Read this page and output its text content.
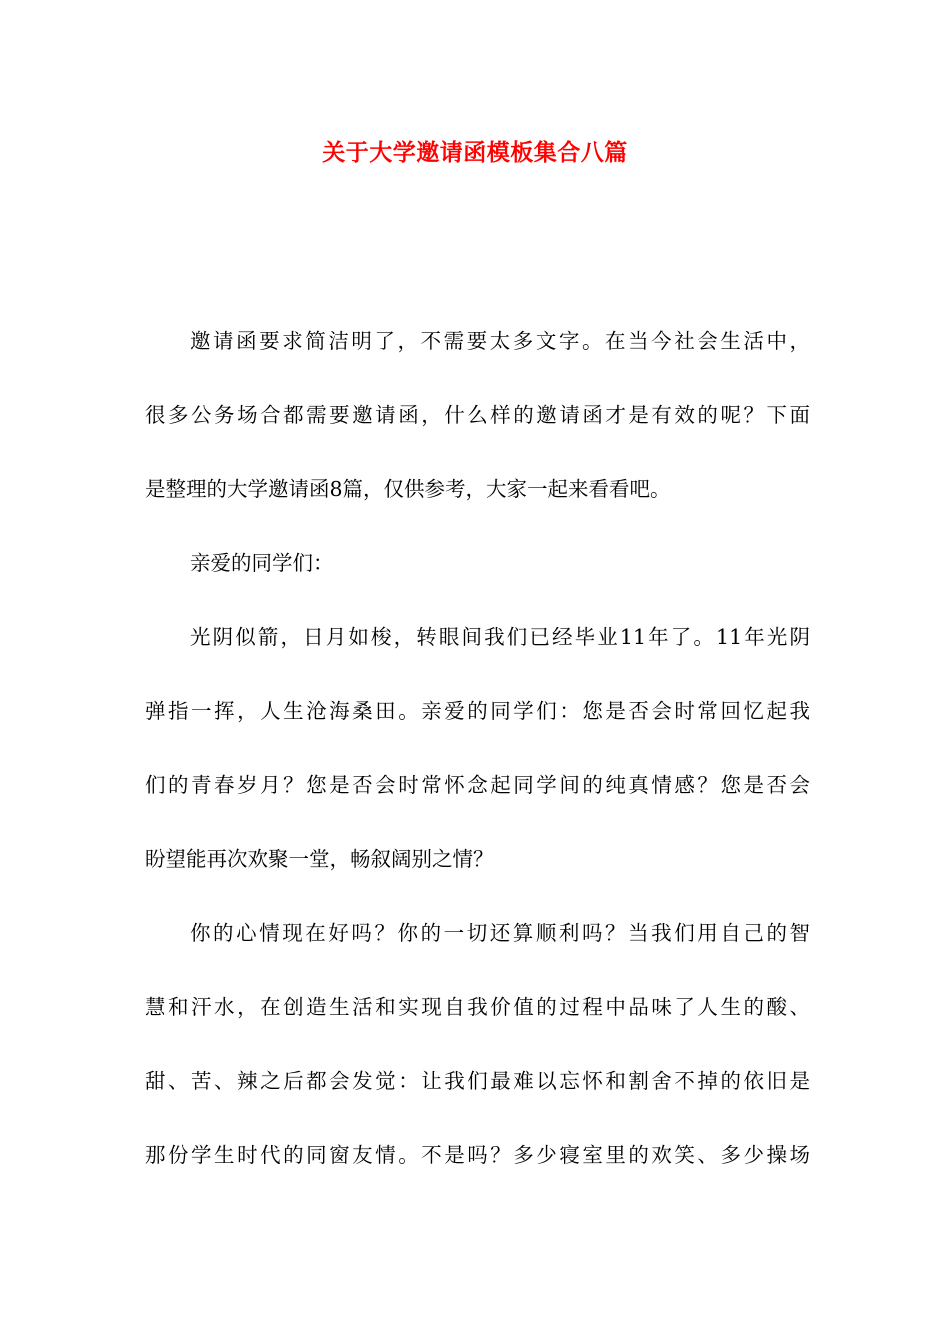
关于大学邀请函模板集合八篇
邀请函要求简洁明了，不需要太多文字。在当今社会生活中，
很多公务场合都需要邀请函，什么样的邀请函才是有效的呢？下面
是整理的大学邀请函8篇，仅供参考，大家一起来看看吧。
亲爱的同学们：
光阴似箭，日月如梭，转眼间我们已经毕业11年了。11年光阴
弹指一挥，人生沧海桑田。亲爱的同学们：您是否会时常回忆起我
们的青春岁月？您是否会时常怀念起同学间的纯真情感？您是否会
盼望能再次欢聚一堂，畅叙阔别之情？
你的心情现在好吗？你的一切还算顺利吗？当我们用自己的智
慧和汗水，在创造生活和实现自我价值的过程中品味了人生的酸、
甜、苦、辣之后都会发觉：让我们最难以忘怀和割舍不掉的依旧是
那份学生时代的同窗友情。不是吗？多少寝室里的欢笑、多少操场
